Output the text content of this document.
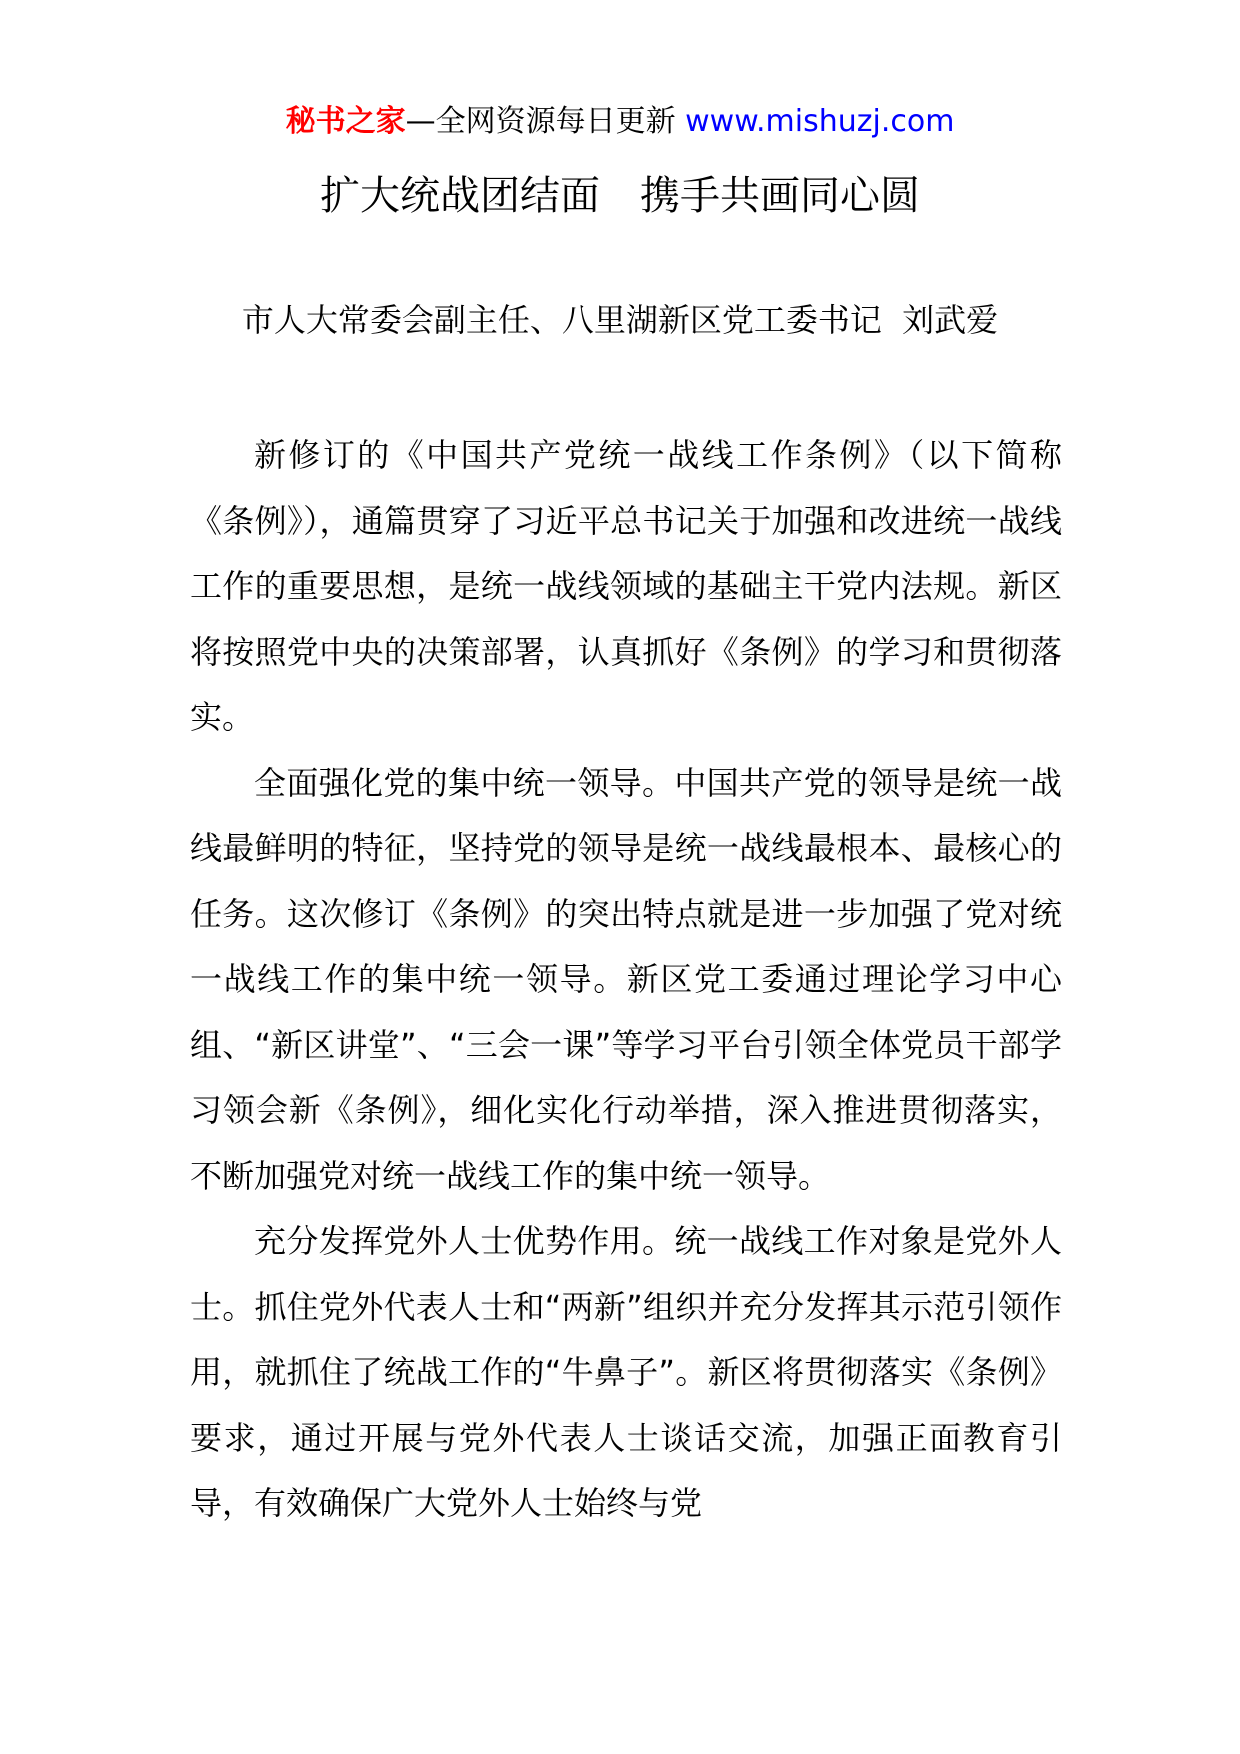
秘书之家—全网资源每日更新 www.mishuzj.com
扩大统战团结面　携手共画同心圆
市人大常委会副主任、八里湖新区党工委书记  刘武爱

新修订的《中国共产党统一战线工作条例》（以下简称《条例》），通篇贯穿了习近平总书记关于加强和改进统一战线工作的重要思想，是统一战线领域的基础主干党内法规。新区将按照党中央的决策部署，认真抓好《条例》的学习和贯彻落实。

全面强化党的集中统一领导。中国共产党的领导是统一战线最鲜明的特征，坚持党的领导是统一战线最根本、最核心的任务。这次修订《条例》的突出特点就是进一步加强了党对统一战线工作的集中统一领导。新区党工委通过理论学习中心组、“新区讲堂”、“三会一课”等学习平台引领全体党员干部学习领会新《条例》，细化实化行动举措，深入推进贯彻落实，不断加强党对统一战线工作的集中统一领导。

充分发挥党外人士优势作用。统一战线工作对象是党外人士。抓住党外代表人士和“两新”组织并充分发挥其示范引领作用，就抓住了统战工作的“牛鼻子”。新区将贯彻落实《条例》要求，通过开展与党外代表人士谈话交流，加强正面教育引导，有效确保广大党外人士始终与党
